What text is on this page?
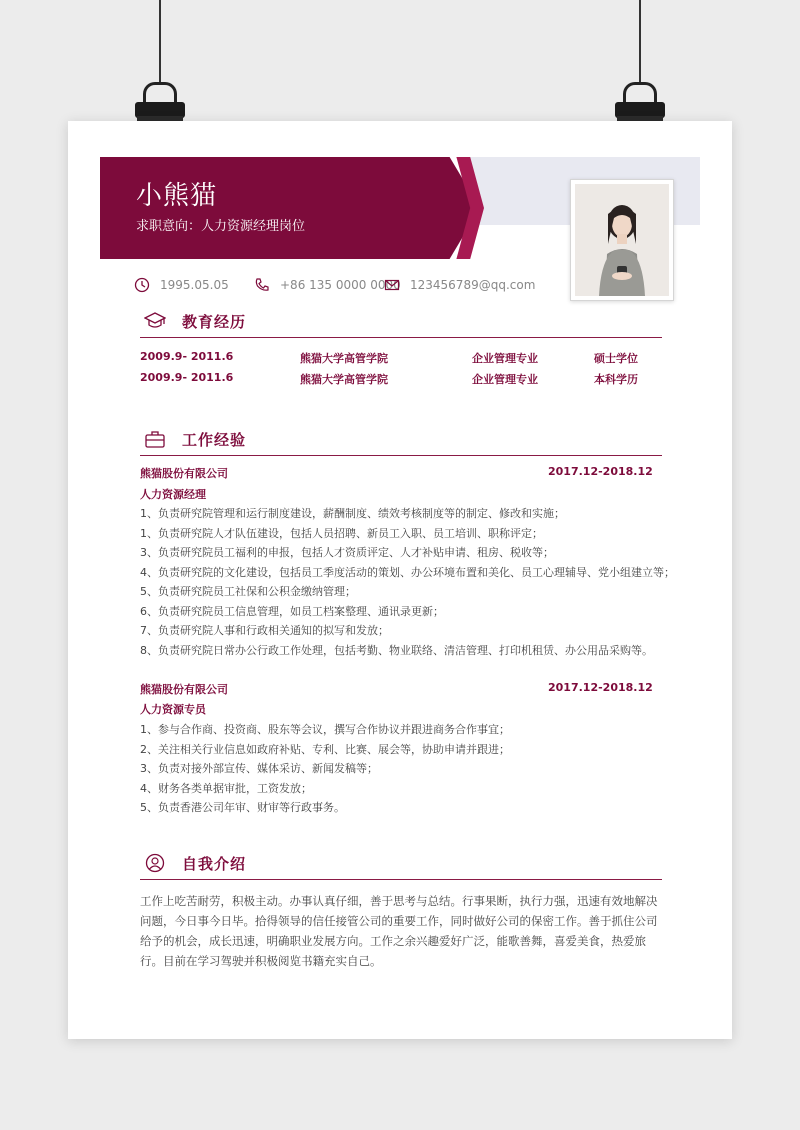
小熊猫
求职意向：人力资源经理岗位
1995.05.05	+86 135 0000 0000 123456789@qq.com
教育经历
2009.9- 2011.6	熊猫大学高管学院	企业管理专业	硕士学位
2009.9- 2011.6	熊猫大学高管学院	企业管理专业	本科学历
工作经验
熊猫股份有限公司	2017.12-2018.12
人力资源经理
1、负责研究院管理和运行制度建设，薪酬制度、绩效考核制度等的制定、修改和实施；
1、负责研究院人才队伍建设，包括人员招聘、新员工入职、员工培训、职称评定；
3、负责研究院员工福利的申报，包括人才资质评定、人才补贴申请、租房、税收等；
4、负责研究院的文化建设，包括员工季度活动的策划、办公环境布置和美化、员工心理辅导、党小组建立等；
5、负责研究院员工社保和公积金缴纳管理；
6、负责研究院员工信息管理，如员工档案整理、通讯录更新；
7、负责研究院人事和行政相关通知的拟写和发放；
8、负责研究院日常办公行政工作处理，包括考勤、物业联络、清洁管理、打印机租赁、办公用品采购等。
熊猫股份有限公司	2017.12-2018.12
人力资源专员
1、参与合作商、投资商、股东等会议，撰写合作协议并跟进商务合作事宜；
2、关注相关行业信息如政府补贴、专利、比赛、展会等，协助申请并跟进；
3、负责对接外部宣传、媒体采访、新闻发稿等；
4、财务各类单据审批，工资发放；
5、负责香港公司年审、财审等行政事务。
自我介绍
工作上吃苦耐劳，积极主动。办事认真仔细，善于思考与总结。行事果断，执行力强，迅速有效地解决问题，今日事今日毕。拾得领导的信任接管公司的重要工作，同时做好公司的保密工作。善于抓住公司给予的机会，成长迅速，明确职业发展方向。工作之余兴趣爱好广泛，能歌善舞，喜爱美食，热爱旅行。目前在学习驾驶并积极阅览书籍充实自己。
